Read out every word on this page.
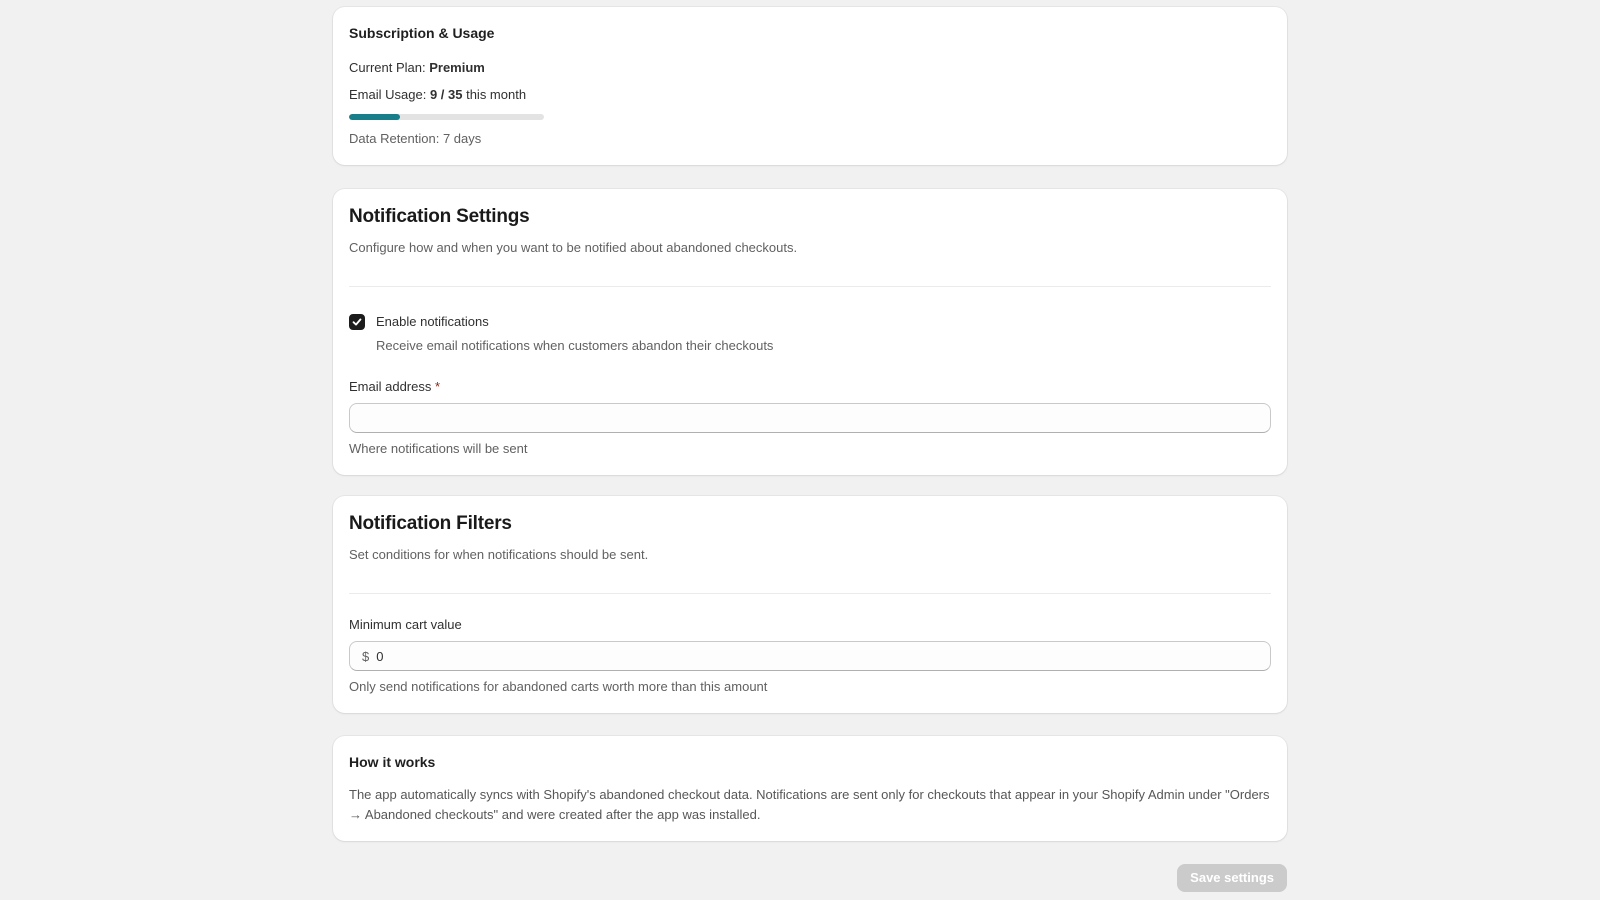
Subscription & Usage

Current Plan: Premium

Email Usage: 9 / 35 this month

Data Retention: 7 days

Notification Settings

Configure how and when you want to be notified about abandoned checkouts.

Enable notifications

Receive email notifications when customers abandon their checkouts

Email address *

Where notifications will be sent

Notification Filters

Set conditions for when notifications should be sent.

Minimum cart value

$
0

Only send notifications for abandoned carts worth more than this amount

How it works

The app automatically syncs with Shopify's abandoned checkout data. Notifications are sent only for checkouts that appear in your Shopify Admin under "Orders → Abandoned checkouts" and were created after the app was installed.

Save settings
